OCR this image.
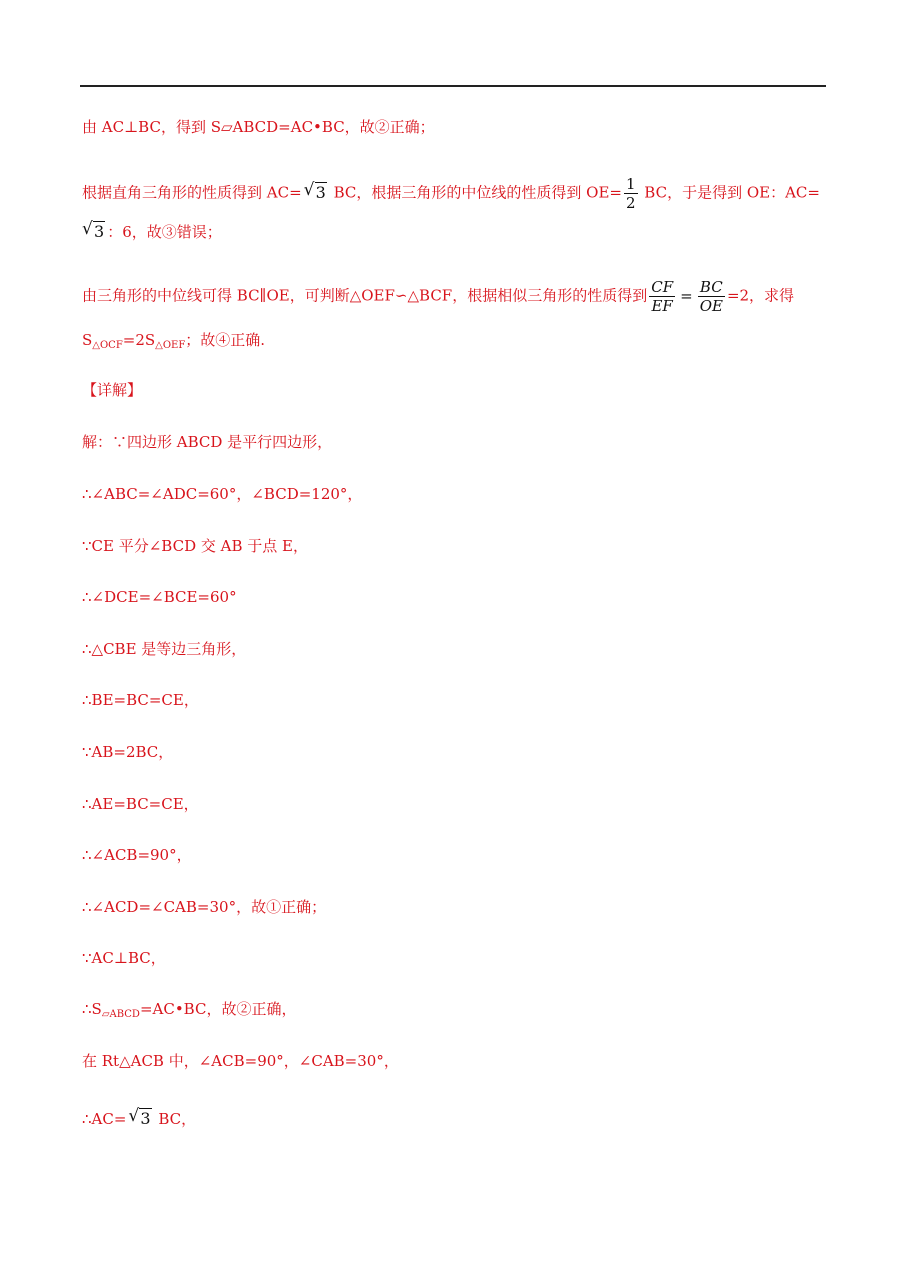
由 AC⊥BC，得到 S▱ABCD=AC•BC，故②正确；
根据直角三角形的性质得到 AC= √ 3 BC，根据三角形的中位线的性质得到 $OE= \frac{1}{2}$ BC，于是得到 OE：AC=
√ 3 ：6，故③错误；
由三角形的中位线可得 BC∥OE，可判断△OEF∽△BCF，根据相似三角形的性质得到 $\frac{CF}{EF} = \frac{BC}{OE} =2$，求得
$S_{\triangle OCF}=2S_{\triangle OEF}$；故④正确.
【详解】
解：∵四边形 ABCD 是平行四边形，
∴∠ABC=∠ADC=60°，∠BCD=120°，
∵CE 平分∠BCD 交 AB 于点 E，
∴∠DCE=∠BCE=60°
∴△CBE 是等边三角形，
∴BE=BC=CE，
∵AB=2BC，
∴AE=BC=CE，
∴∠ACB=90°，
∴∠ACD=∠CAB=30°，故①正确；
∵AC⊥BC，
$\therefore S_{▱ABCD}=AC•BC$，故②正确，
在 Rt△ACB 中，∠ACB=90°，∠CAB=30°，
∴AC= √ 3 BC，
